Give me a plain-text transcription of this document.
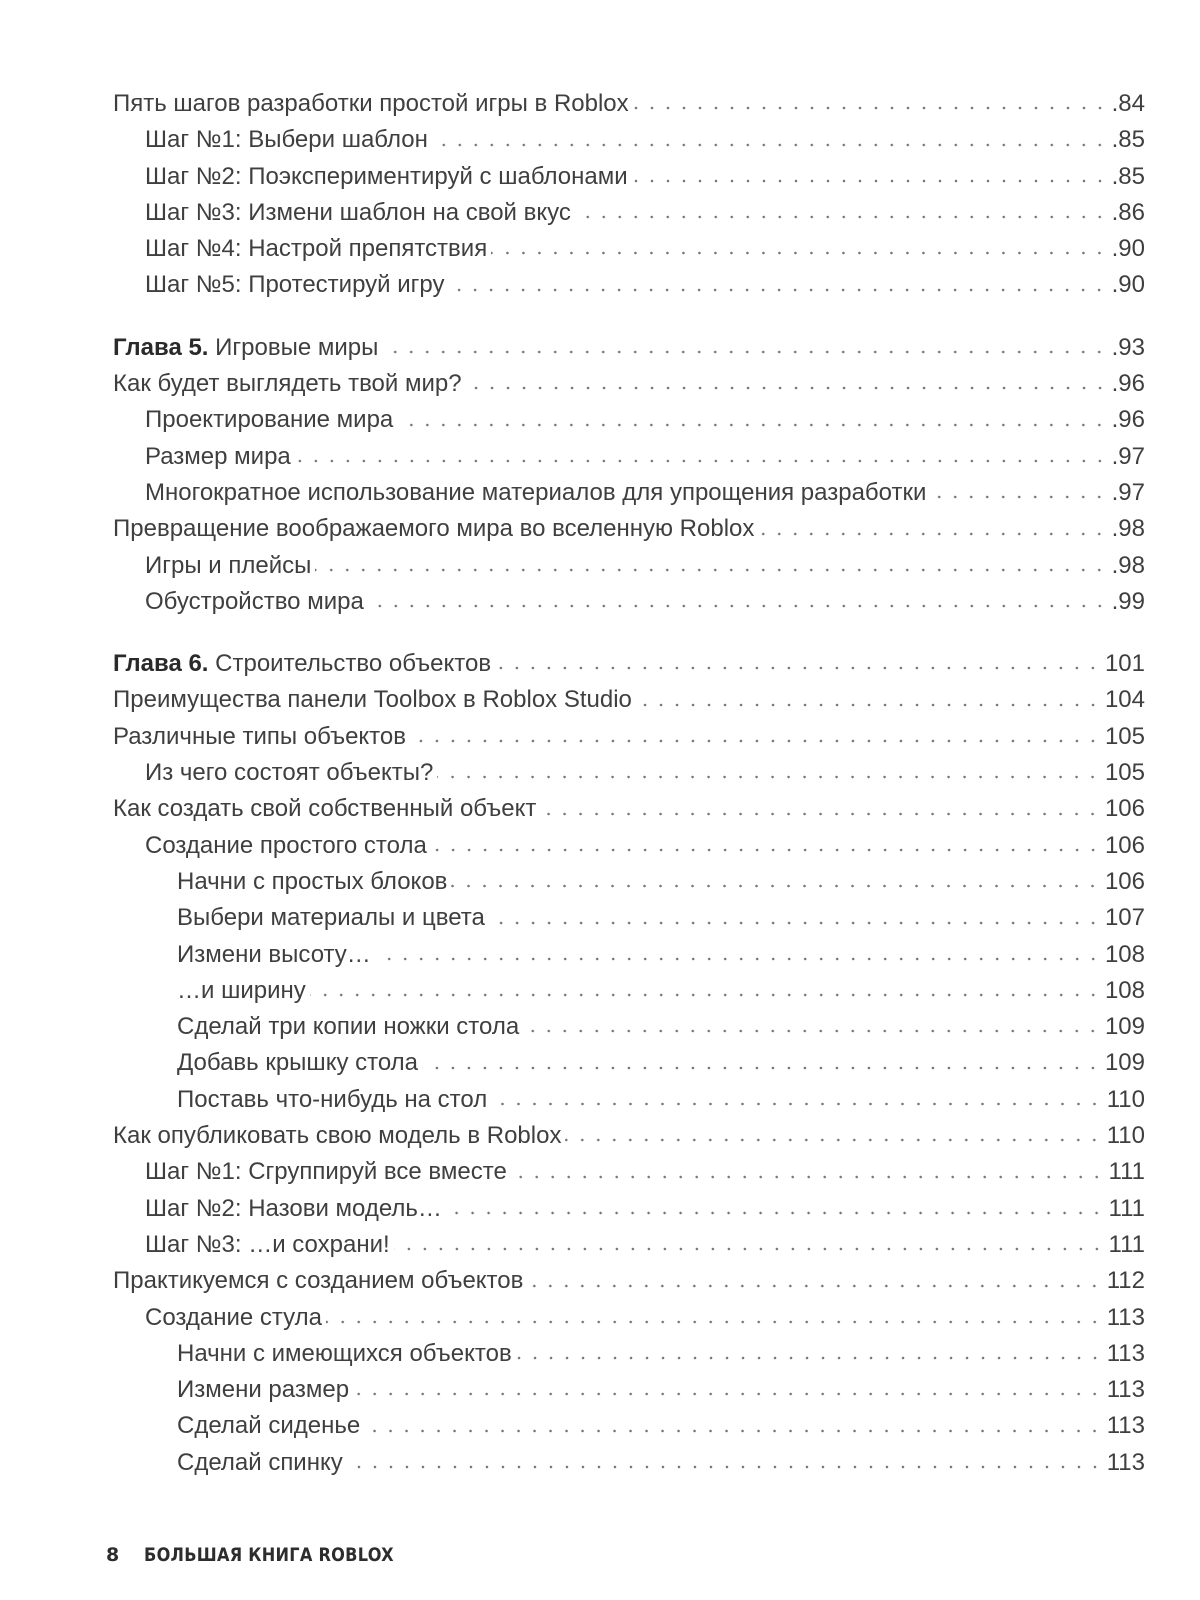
Пять шагов разработки простой игры в Roblox	.84
Шаг №1: Выбери шаблон	.85
Шаг №2: Поэкспериментируй с шаблонами	.85
Шаг №3: Измени шаблон на свой вкус	.86
Шаг №4: Настрой препятствия	.90
Шаг №5: Протестируй игру	.90
Глава 5. Игровые миры	.93
Как будет выглядеть твой мир?	.96
Проектирование мира	.96
Размер мира	.97
Многократное использование материалов для упрощения разработки	.97
Превращение воображаемого мира во вселенную Roblox	.98
Игры и плейсы	.98
Обустройство мира	.99
Глава 6. Строительство объектов	101
Преимущества панели Toolbox в Roblox Studio	104
Различные типы объектов	105
Из чего состоят объекты?	105
Как создать свой собственный объект	106
Создание простого стола	106
Начни с простых блоков	106
Выбери материалы и цвета	107
Измени высоту…	108
…и ширину	108
Сделай три копии ножки стола	109
Добавь крышку стола	109
Поставь что-нибудь на стол	110
Как опубликовать свою модель в Roblox	110
Шаг №1: Сгруппируй все вместе	111
Шаг №2: Назови модель…	111
Шаг №3: …и сохрани!	111
Практикуемся с созданием объектов	112
Создание стула	113
Начни с имеющихся объектов	113
Измени размер	113
Сделай сиденье	113
Сделай спинку	113
8 БОЛЬШАЯ КНИГА ROBLOX
